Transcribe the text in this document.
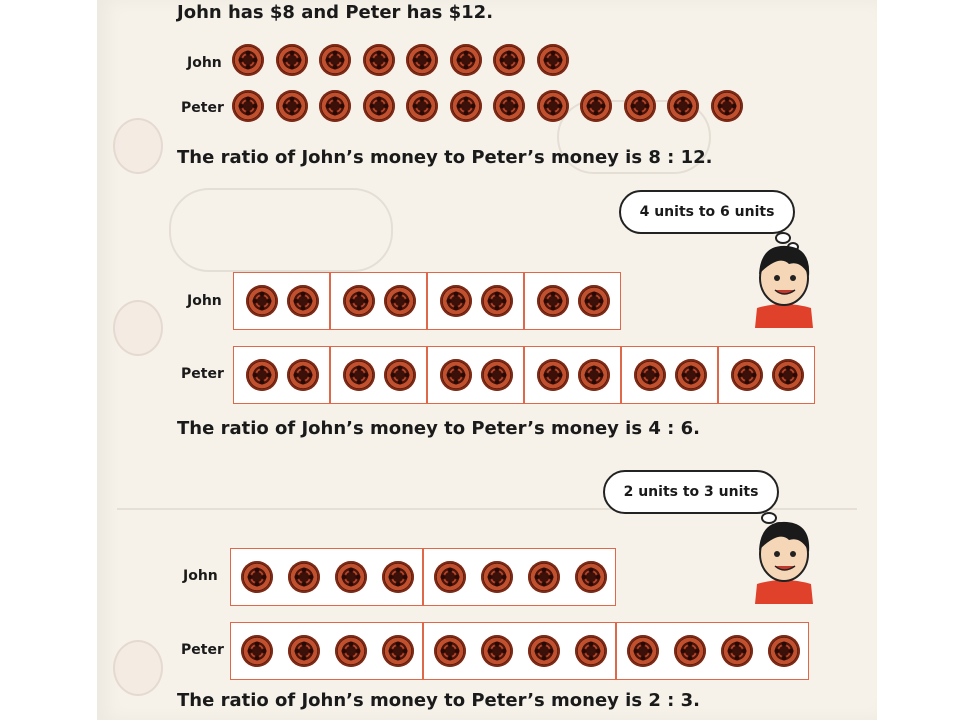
John has $8 and Peter has $12.
John
Peter
The ratio of John’s money to Peter’s money is 8 : 12.
4 units to 6 units
John
Peter
The ratio of John’s money to Peter’s money is 4 : 6.
2 units to 3 units
John
Peter
The ratio of John’s money to Peter’s money is 2 : 3.
